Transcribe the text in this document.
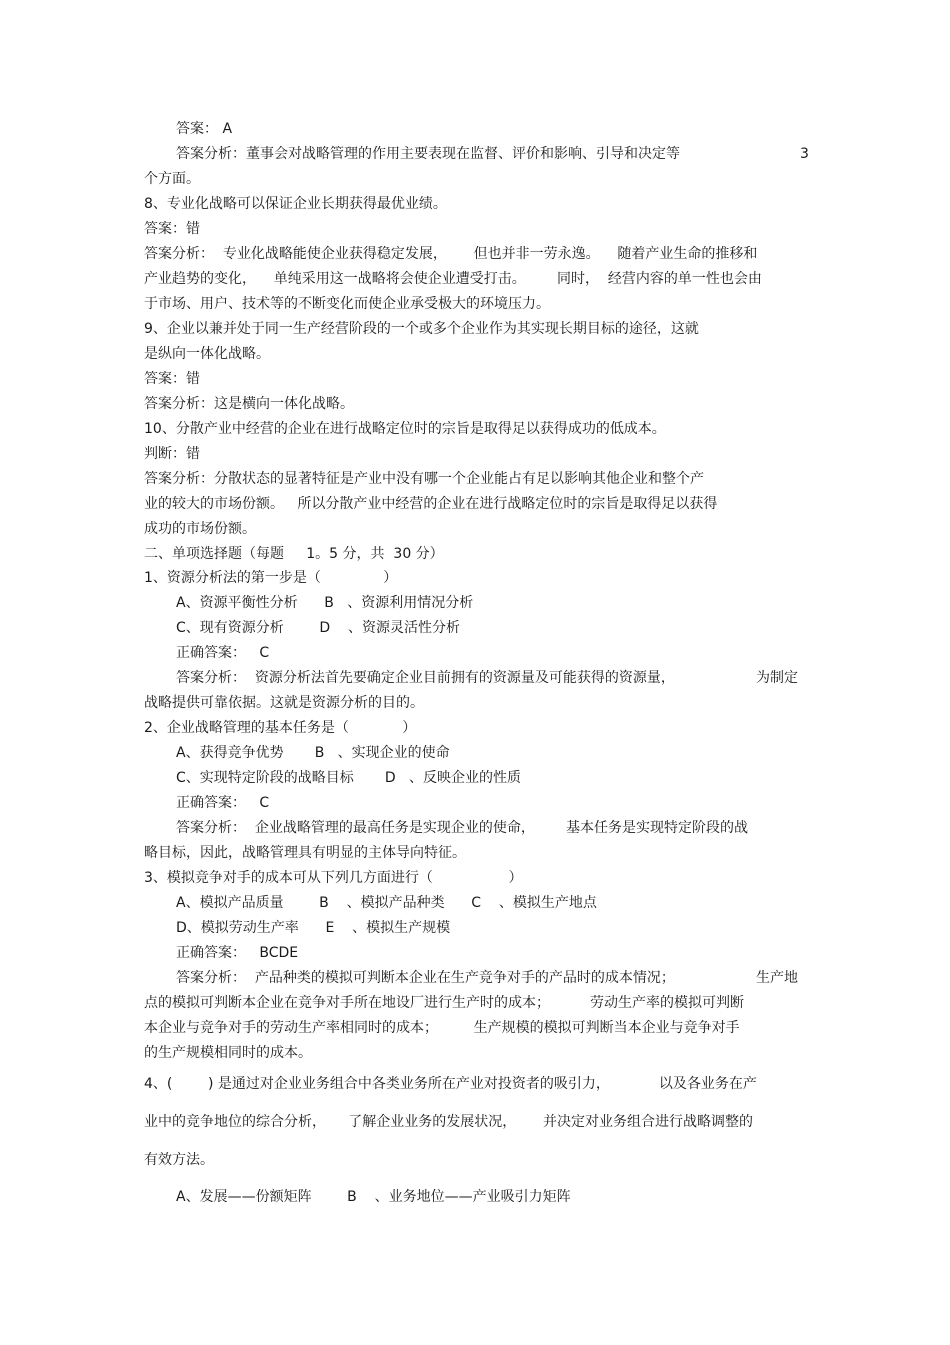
答案： A
答案分析：董事会对战略管理的作用主要表现在监督、评价和影响、引导和决定等	3
个方面。
8、专业化战略可以保证企业长期获得最优业绩。
答案：错
答案分析：  专业化战略能使企业获得稳定发展，      但也并非一劳永逸。    随着产业生命的推移和
产业趋势的变化，    单纯采用这一战略将会使企业遭受打击。       同时，  经营内容的单一性也会由
于市场、用户、技术等的不断变化而使企业承受极大的环境压力。
9、企业以兼并处于同一生产经营阶段的一个或多个企业作为其实现长期目标的途径，这就
是纵向一体化战略。
答案：错
答案分析：这是横向一体化战略。
10、分散产业中经营的企业在进行战略定位时的宗旨是取得足以获得成功的低成本。
判断：错
答案分析：分散状态的显著特征是产业中没有哪一个企业能占有足以影响其他企业和整个产
业的较大的市场份额。   所以分散产业中经营的企业在进行战略定位时的宗旨是取得足以获得
成功的市场份额。
二、单项选择题（每题     1。5 分，共  30 分）
1、资源分析法的第一步是（              ）
A、资源平衡性分析      B   、资源利用情况分析
C、现有资源分析        D    、资源灵活性分析
正确答案：   C
答案分析：  资源分析法首先要确定企业目前拥有的资源量及可能获得的资源量，	为制定
战略提供可靠依据。这就是资源分析的目的。
2、企业战略管理的基本任务是（            ）
A、获得竞争优势       B   、实现企业的使命
C、实现特定阶段的战略目标       D   、反映企业的性质
正确答案：   C
答案分析：  企业战略管理的最高任务是实现企业的使命，       基本任务是实现特定阶段的战
略目标，因此，战略管理具有明显的主体导向特征。
3、模拟竞争对手的成本可从下列几方面进行（                 ）
A、模拟产品质量        B    、模拟产品种类      C    、模拟生产地点
D、模拟劳动生产率      E    、模拟生产规模
正确答案：   BCDE
答案分析：  产品种类的模拟可判断本企业在生产竞争对手的产品时的成本情况；	生产地
点的模拟可判断本企业在竞争对手所在地设厂进行生产时的成本；         劳动生产率的模拟可判断
本企业与竞争对手的劳动生产率相同时的成本；        生产规模的模拟可判断当本企业与竞争对手
的生产规模相同时的成本。
4、(        ) 是通过对企业业务组合中各类业务所在产业对投资者的吸引力，           以及各业务在产
业中的竞争地位的综合分析，     了解企业业务的发展状况，      并决定对业务组合进行战略调整的
有效方法。
A、发展——份额矩阵        B    、业务地位——产业吸引力矩阵
